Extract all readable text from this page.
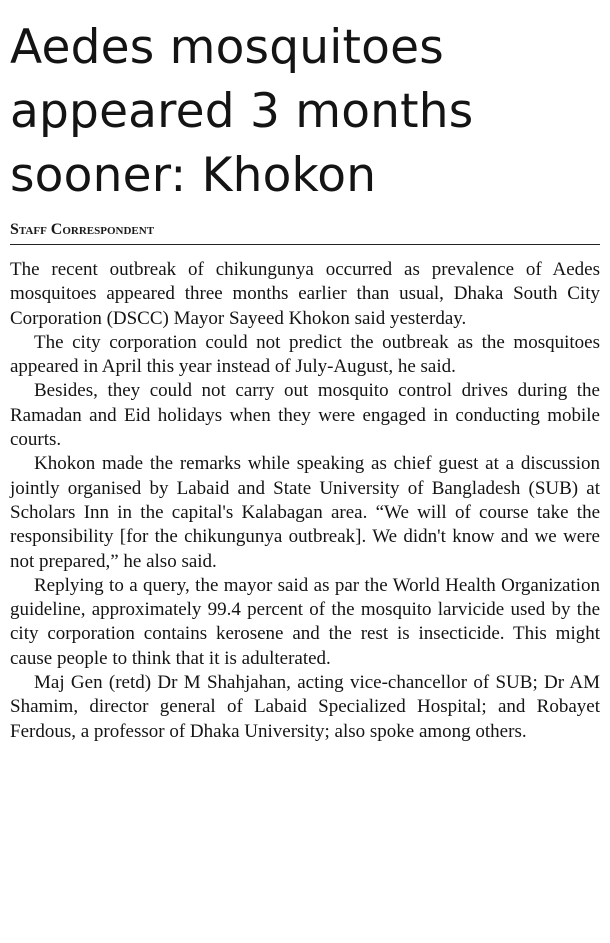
Aedes mosquitoes
appeared 3 months
sooner: Khokon
Staff Correspondent

The recent outbreak of chikungunya occurred as prevalence of Aedes mosquitoes appeared three months earlier than usual, Dhaka South City Corporation (DSCC) Mayor Sayeed Khokon said yesterday.

The city corporation could not predict the outbreak as the mosquitoes appeared in April this year instead of July-August, he said.

Besides, they could not carry out mosquito control drives during the Ramadan and Eid holidays when they were engaged in conducting mobile courts.

Khokon made the remarks while speaking as chief guest at a discussion jointly organised by Labaid and State University of Bangladesh (SUB) at Scholars Inn in the capital's Kalabagan area. “We will of course take the responsibility [for the chikungunya outbreak]. We didn't know and we were not prepared,” he also said.

Replying to a query, the mayor said as par the World Health Organization guideline, approximately 99.4 percent of the mosquito larvicide used by the city corporation contains kerosene and the rest is insecticide. This might cause people to think that it is adulterated.

Maj Gen (retd) Dr M Shahjahan, acting vice-chancellor of SUB; Dr AM Shamim, director general of Labaid Specialized Hospital; and Robayet Ferdous, a professor of Dhaka University; also spoke among others.
